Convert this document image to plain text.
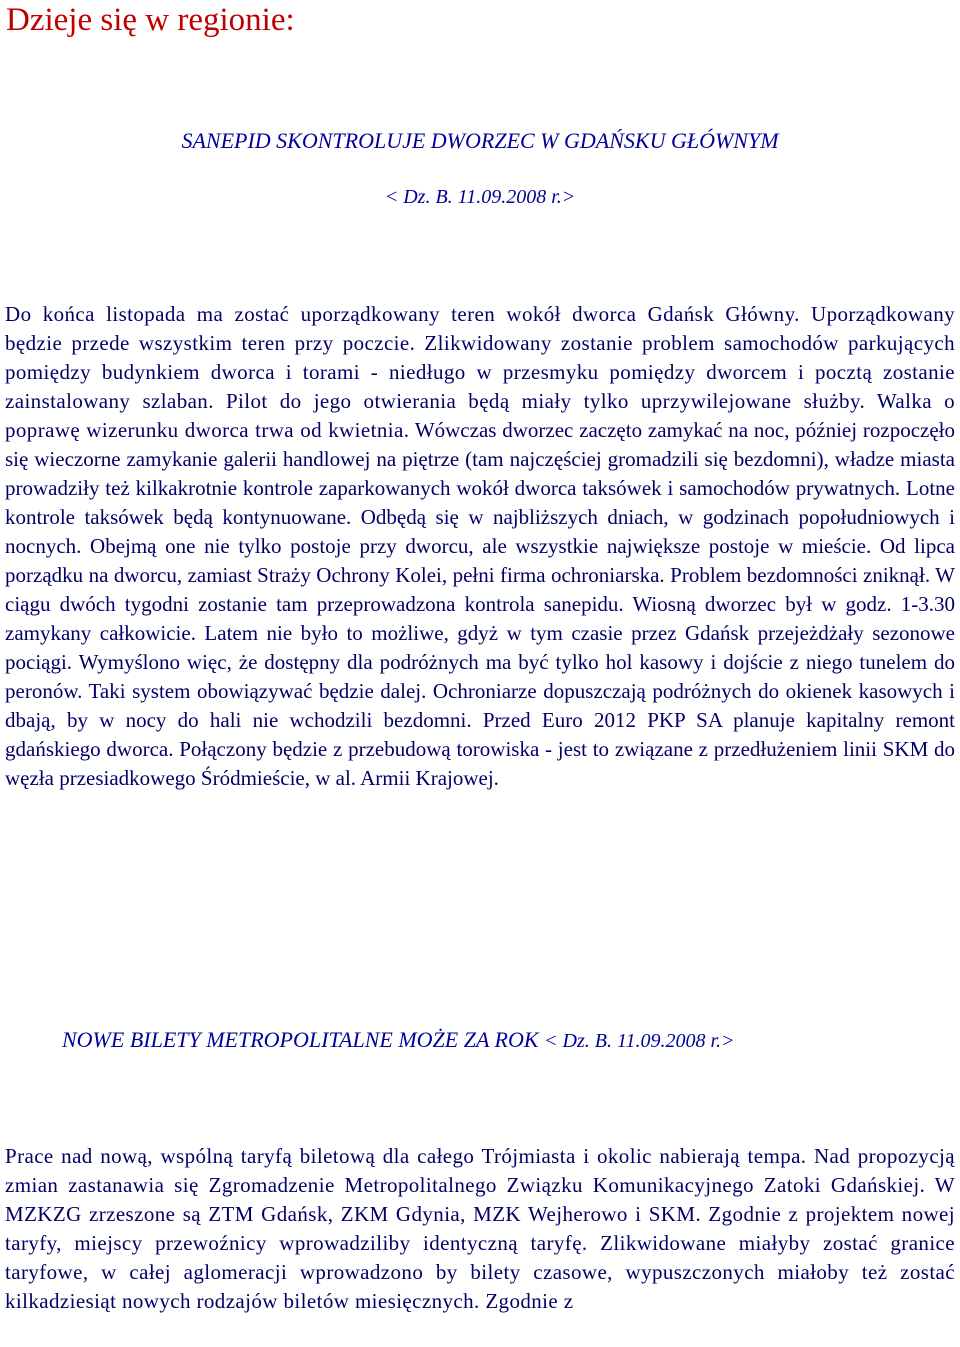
Dzieje się w regionie:
SANEPID SKONTROLUJE DWORZEC W GDAŃSKU GŁÓWNYM
< Dz. B. 11.09.2008 r.>

Do końca listopada ma zostać uporządkowany teren wokół dworca Gdańsk Główny. Uporządkowany będzie przede wszystkim teren przy poczcie. Zlikwidowany zostanie problem samochodów parkujących pomiędzy budynkiem dworca i torami - niedługo w przesmyku pomiędzy dworcem i pocztą zostanie zainstalowany szlaban. Pilot do jego otwierania będą miały tylko uprzywilejowane służby. Walka o poprawę wizerunku dworca trwa od kwietnia. Wówczas dworzec zaczęto zamykać na noc, później rozpoczęło się wieczorne zamykanie galerii handlowej na piętrze (tam najczęściej gromadzili się bezdomni), władze miasta prowadziły też kilkakrotnie kontrole zaparkowanych wokół dworca taksówek i samochodów prywatnych. Lotne kontrole taksówek będą kontynuowane. Odbędą się w najbliższych dniach, w godzinach popołudniowych i nocnych. Obejmą one nie tylko postoje przy dworcu, ale wszystkie największe postoje w mieście. Od lipca porządku na dworcu, zamiast Straży Ochrony Kolei, pełni firma ochroniarska. Problem bezdomności zniknął. W ciągu dwóch tygodni zostanie tam przeprowadzona kontrola sanepidu. Wiosną dworzec był w godz. 1-3.30 zamykany całkowicie. Latem nie było to możliwe, gdyż w tym czasie przez Gdańsk przejeżdżały sezonowe pociągi. Wymyślono więc, że dostępny dla podróżnych ma być tylko hol kasowy i dojście z niego tunelem do peronów. Taki system obowiązywać będzie dalej. Ochroniarze dopuszczają podróżnych do okienek kasowych i dbają, by w nocy do hali nie wchodzili bezdomni. Przed Euro 2012 PKP SA planuje kapitalny remont gdańskiego dworca. Połączony będzie z przebudową torowiska - jest to związane z przedłużeniem linii SKM do węzła przesiadkowego Śródmieście, w al. Armii Krajowej.

NOWE BILETY METROPOLITALNE MOŻE ZA ROK < Dz. B. 11.09.2008 r.>

Prace nad nową, wspólną taryfą biletową dla całego Trójmiasta i okolic nabierają tempa. Nad propozycją zmian zastanawia się Zgromadzenie Metropolitalnego Związku Komunikacyjnego Zatoki Gdańskiej. W MZKZG zrzeszone są ZTM Gdańsk, ZKM Gdynia, MZK Wejherowo i SKM. Zgodnie z projektem nowej taryfy, miejscy przewoźnicy wprowadziliby identyczną taryfę. Zlikwidowane miałyby zostać granice taryfowe, w całej aglomeracji wprowadzono by bilety czasowe, wypuszczonych miałoby też zostać kilkadziesiąt nowych rodzajów biletów miesięcznych. Zgodnie z
